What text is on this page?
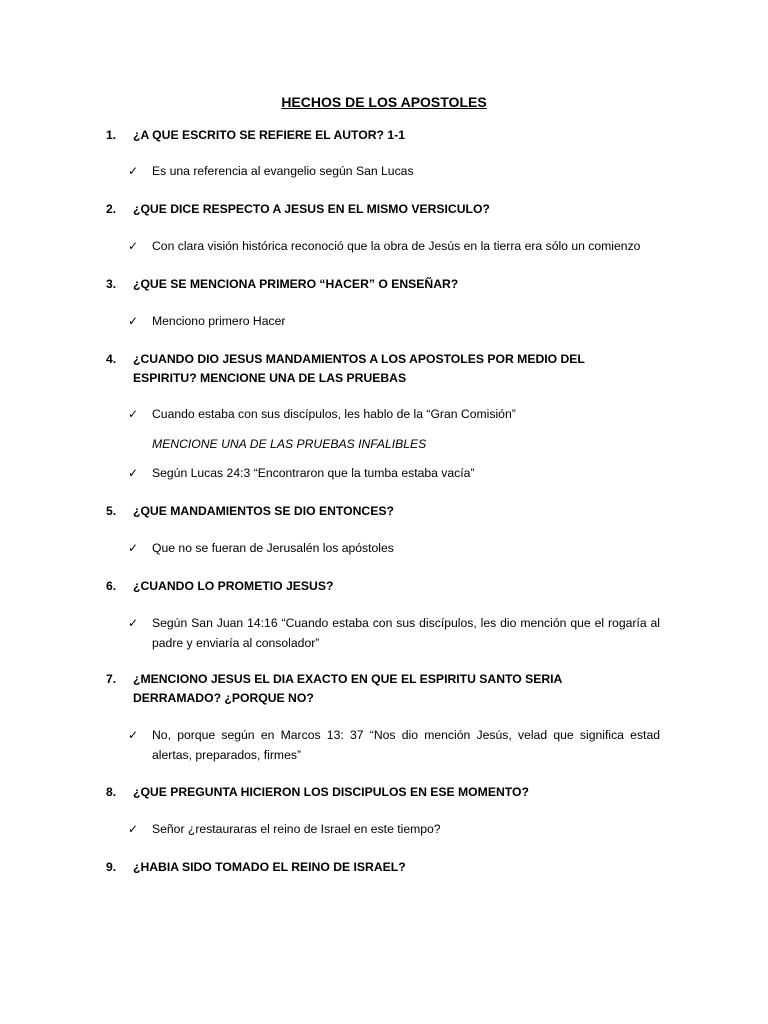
HECHOS DE LOS APOSTOLES
1. ¿A QUE ESCRITO SE REFIERE EL AUTOR? 1-1
✓ Es una referencia al evangelio según San Lucas
2. ¿QUE DICE RESPECTO A JESUS EN EL MISMO VERSICULO?
✓ Con clara visión histórica reconoció que la obra de Jesús en la tierra era sólo un comienzo
3. ¿QUE SE MENCIONA PRIMERO “HACER” O ENSEÑAR?
✓ Menciono primero Hacer
4. ¿CUANDO DIO JESUS MANDAMIENTOS A LOS APOSTOLES POR MEDIO DEL ESPIRITU? MENCIONE UNA DE LAS PRUEBAS
✓ Cuando estaba con sus discípulos, les hablo de la “Gran Comisión”
MENCIONE UNA DE LAS PRUEBAS INFALIBLES
✓ Según Lucas 24:3 “Encontraron que la tumba estaba vacía”
5. ¿QUE MANDAMIENTOS SE DIO ENTONCES?
✓ Que no se fueran de Jerusalén los apóstoles
6. ¿CUANDO LO PROMETIO JESUS?
✓ Según San Juan 14:16 “Cuando estaba con sus discípulos, les dio mención que el rogaría al padre y enviaría al consolador”
7. ¿MENCIONO JESUS EL DIA EXACTO EN QUE EL ESPIRITU SANTO SERIA DERRAMADO? ¿PORQUE NO?
✓ No, porque según en Marcos 13: 37 “Nos dio mención Jesús, velad que significa estad alertas, preparados, firmes”
8. ¿QUE PREGUNTA HICIERON LOS DISCIPULOS EN ESE MOMENTO?
✓ Señor ¿restauraras el reino de Israel en este tiempo?
9. ¿HABIA SIDO TOMADO EL REINO DE ISRAEL?
